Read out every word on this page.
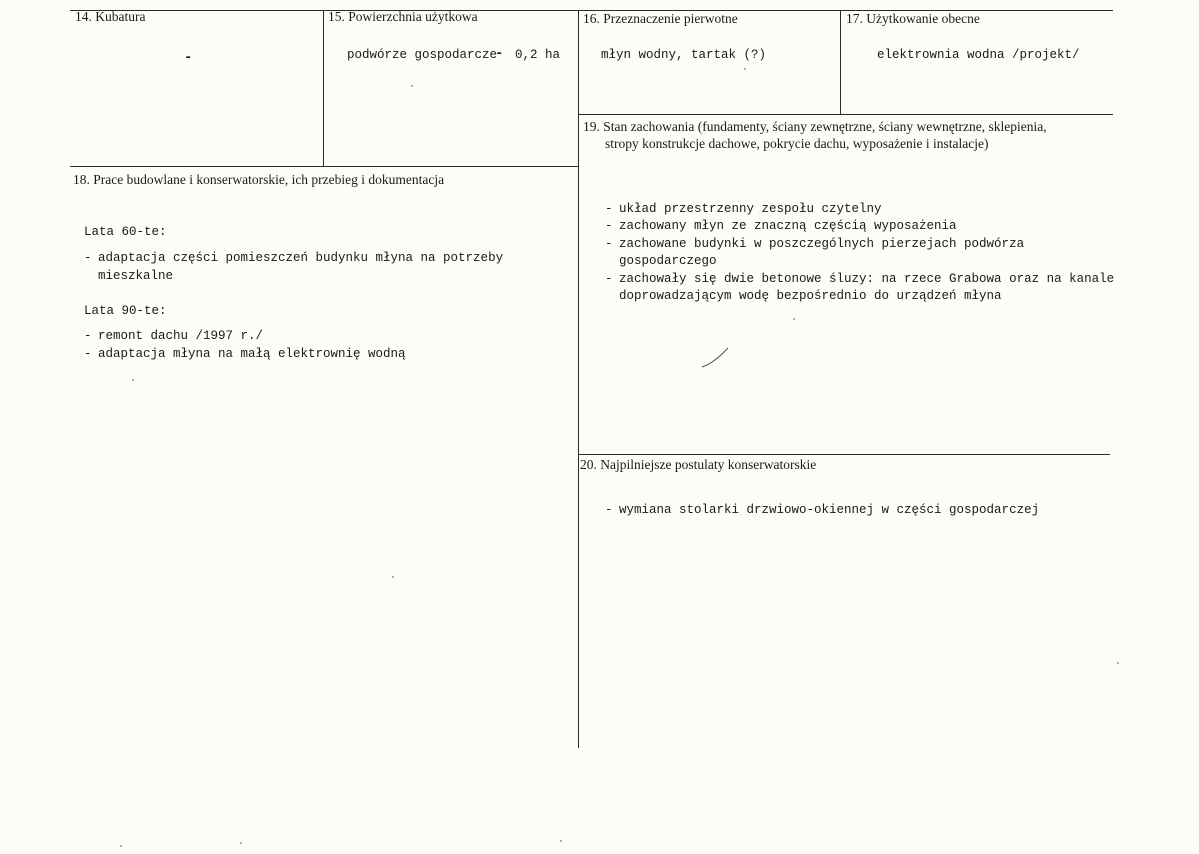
14. Kubatura
-
15. Powierzchnia użytkowa
podwórze gospodarcze
- 0,2 ha
16. Przeznaczenie pierwotne
młyn wodny, tartak (?)
17. Użytkowanie obecne
elektrownia wodna /projekt/
19. Stan zachowania (fundamenty, ściany zewnętrzne, ściany wewnętrzne, sklepienia,
stropy konstrukcje dachowe, pokrycie dachu, wyposażenie i instalacje)
- układ przestrzenny zespołu czytelny
- zachowany młyn ze znaczną częścią wyposażenia
- zachowane budynki w poszczególnych pierzejach podwórza
gospodarczego
- zachowały się dwie betonowe śluzy: na rzece Grabowa oraz na kanale
doprowadzającym wodę bezpośrednio do urządzeń młyna
18. Prace budowlane i konserwatorskie, ich przebieg i dokumentacja
Lata 60-te:
- adaptacja części pomieszczeń budynku młyna na potrzeby
mieszkalne
Lata 90-te:
- remont dachu /1997 r./
- adaptacja młyna na małą elektrownię wodną
20. Najpilniejsze postulaty konserwatorskie
- wymiana stolarki drzwiowo-okiennej w części gospodarczej
